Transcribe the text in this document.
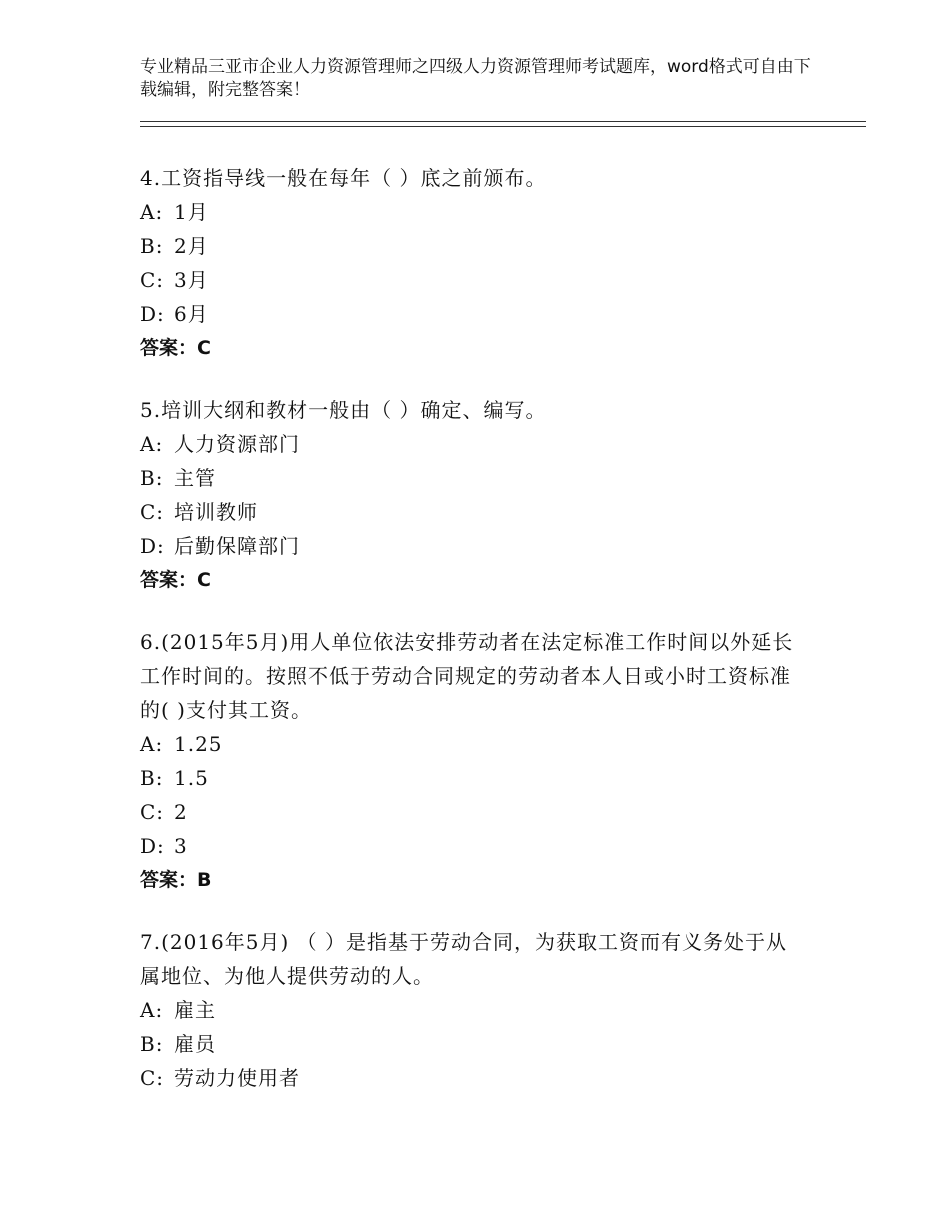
专业精品三亚市企业人力资源管理师之四级人力资源管理师考试题库，word格式可自由下载编辑，附完整答案！

4.工资指导线一般在每年（ ）底之前颁布。

A: 1月

B: 2月

C: 3月

D: 6月

答案：C

5.培训大纲和教材一般由（ ）确定、编写。

A: 人力资源部门

B: 主管

C: 培训教师

D: 后勤保障部门

答案：C

6.(2015年5月)用人单位依法安排劳动者在法定标准工作时间以外延长工作时间的。按照不低于劳动合同规定的劳动者本人日或小时工资标准的( )支付其工资。

A: 1.25

B: 1.5

C: 2

D: 3

答案：B

7.(2016年5月) （ ）是指基于劳动合同，为获取工资而有义务处于从属地位、为他人提供劳动的人。

A: 雇主

B: 雇员

C: 劳动力使用者
